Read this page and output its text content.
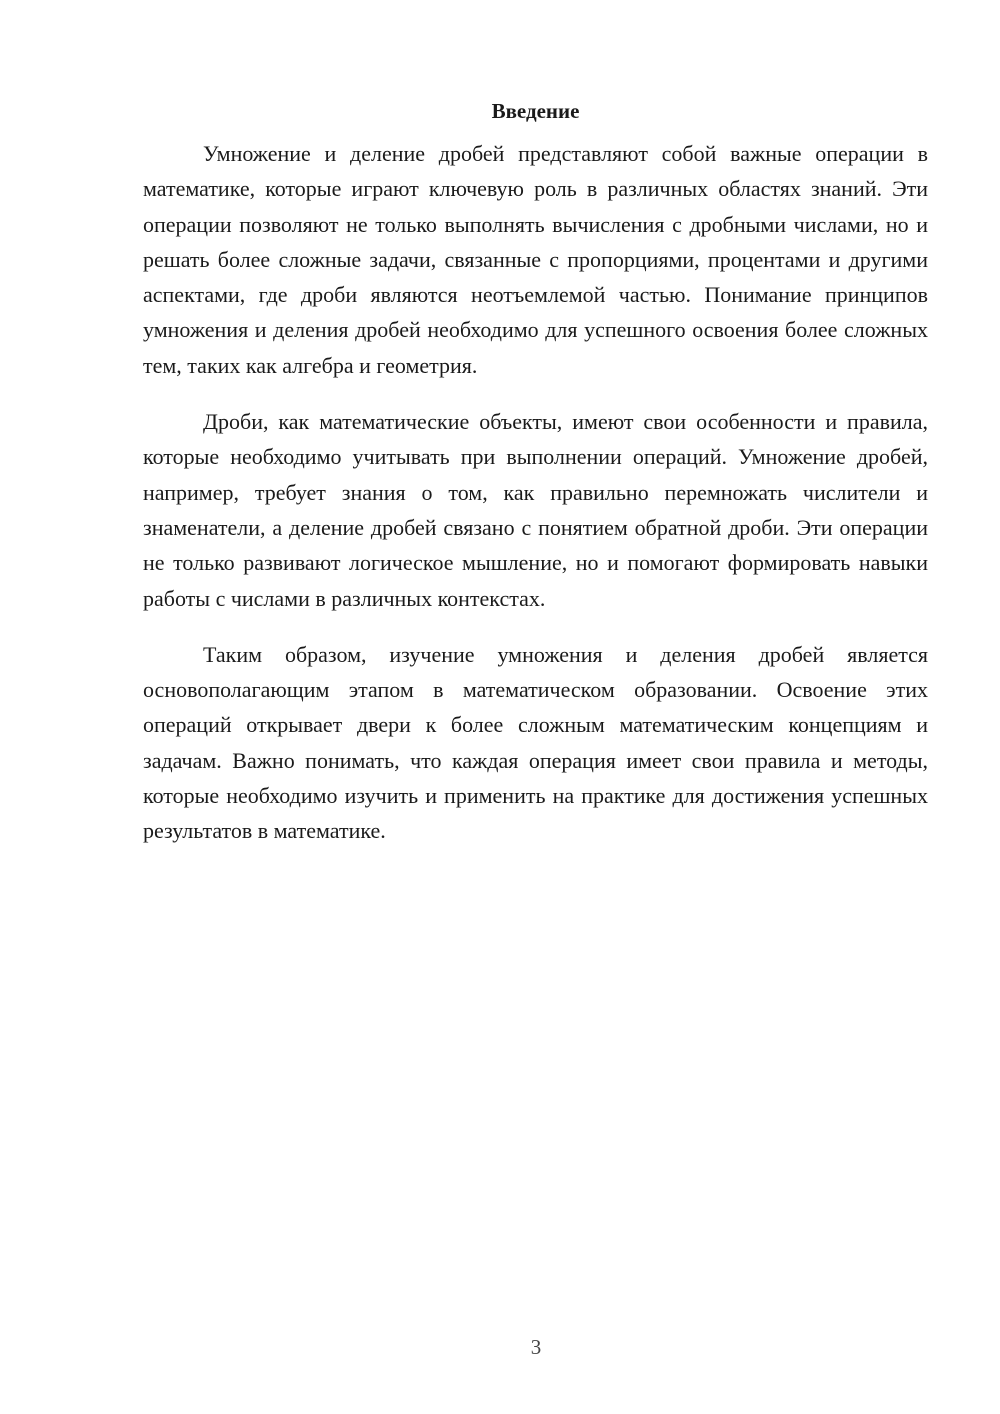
Введение

Умножение и деление дробей представляют собой важные операции в математике, которые играют ключевую роль в различных областях знаний. Эти операции позволяют не только выполнять вычисления с дробными числами, но и решать более сложные задачи, связанные с пропорциями, процентами и другими аспектами, где дроби являются неотъемлемой частью. Понимание принципов умножения и деления дробей необходимо для успешного освоения более сложных тем, таких как алгебра и геометрия.

Дроби, как математические объекты, имеют свои особенности и правила, которые необходимо учитывать при выполнении операций. Умножение дробей, например, требует знания о том, как правильно перемножать числители и знаменатели, а деление дробей связано с понятием обратной дроби. Эти операции не только развивают логическое мышление, но и помогают формировать навыки работы с числами в различных контекстах.

Таким образом, изучение умножения и деления дробей является основополагающим этапом в математическом образовании. Освоение этих операций открывает двери к более сложным математическим концепциям и задачам. Важно понимать, что каждая операция имеет свои правила и методы, которые необходимо изучить и применить на практике для достижения успешных результатов в математике.

3
